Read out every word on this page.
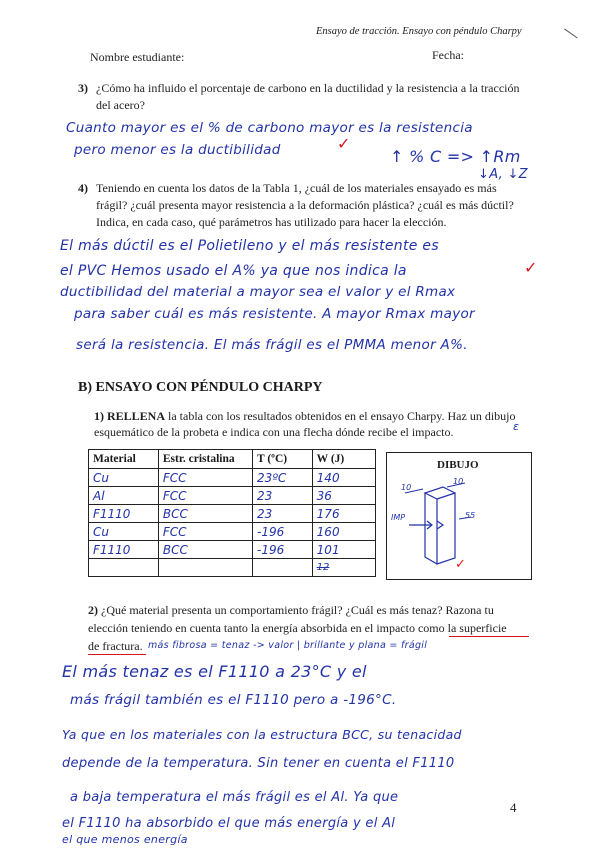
Ensayo de tracción. Ensayo con péndulo Charpy
Nombre estudiante:	Fecha:
3) ¿Cómo ha influido el porcentaje de carbono en la ductilidad y la resistencia a la tracción
del acero?
Cuanto mayor es el % de carbono mayor es la resistencia
pero menor es la ductibilidad	✓
↑ % C => ↑Rm
↓A, ↓Z
4) Teniendo en cuenta los datos de la Tabla 1, ¿cuál de los materiales ensayado es más
frágil? ¿cuál presenta mayor resistencia a la deformación plástica? ¿cuál es más dúctil?
Indica, en cada caso, qué parámetros has utilizado para hacer la elección.
El más dúctil es el Polietileno y el más resistente es
el PVC Hemos usado el A% ya que nos indica la
ductibilidad del material a mayor sea el valor y el Rmax
para saber cuál es más resistente. A mayor Rmax mayor
será la resistencia. El más frágil es el PMMA menor A%.
✓
B) ENSAYO CON PÉNDULO CHARPY
1) RELLENA la tabla con los resultados obtenidos en el ensayo Charpy. Haz un dibujo
esquemático de la probeta e indica con una flecha dónde recibe el impacto.
Material	Estr. cristalina	T (ºC)	W (J)
Cu	FCC	23ºC	140
Al	FCC	23	36
F1110	BCC	23	176
Cu	FCC	-196	160
F1110	BCC	-196	101
			12
DIBUJO
10
10
55
IMP
✓
ε
2) ¿Qué material presenta un comportamiento frágil? ¿Cuál es más tenaz? Razona tu
elección teniendo en cuenta tanto la energía absorbida en el impacto como la superficie
de fractura. más fibrosa = tenaz -> valor | brillante y plana = frágil
El más tenaz es el F1110 a 23°C y el
más frágil también es el F1110 pero a -196°C.
Ya que en los materiales con la estructura BCC, su tenacidad
depende de la temperatura. Sin tener en cuenta el F1110
a baja temperatura el más frágil es el Al. Ya que
el F1110 ha absorbido el que más energía y el Al
el que menos energía
4
